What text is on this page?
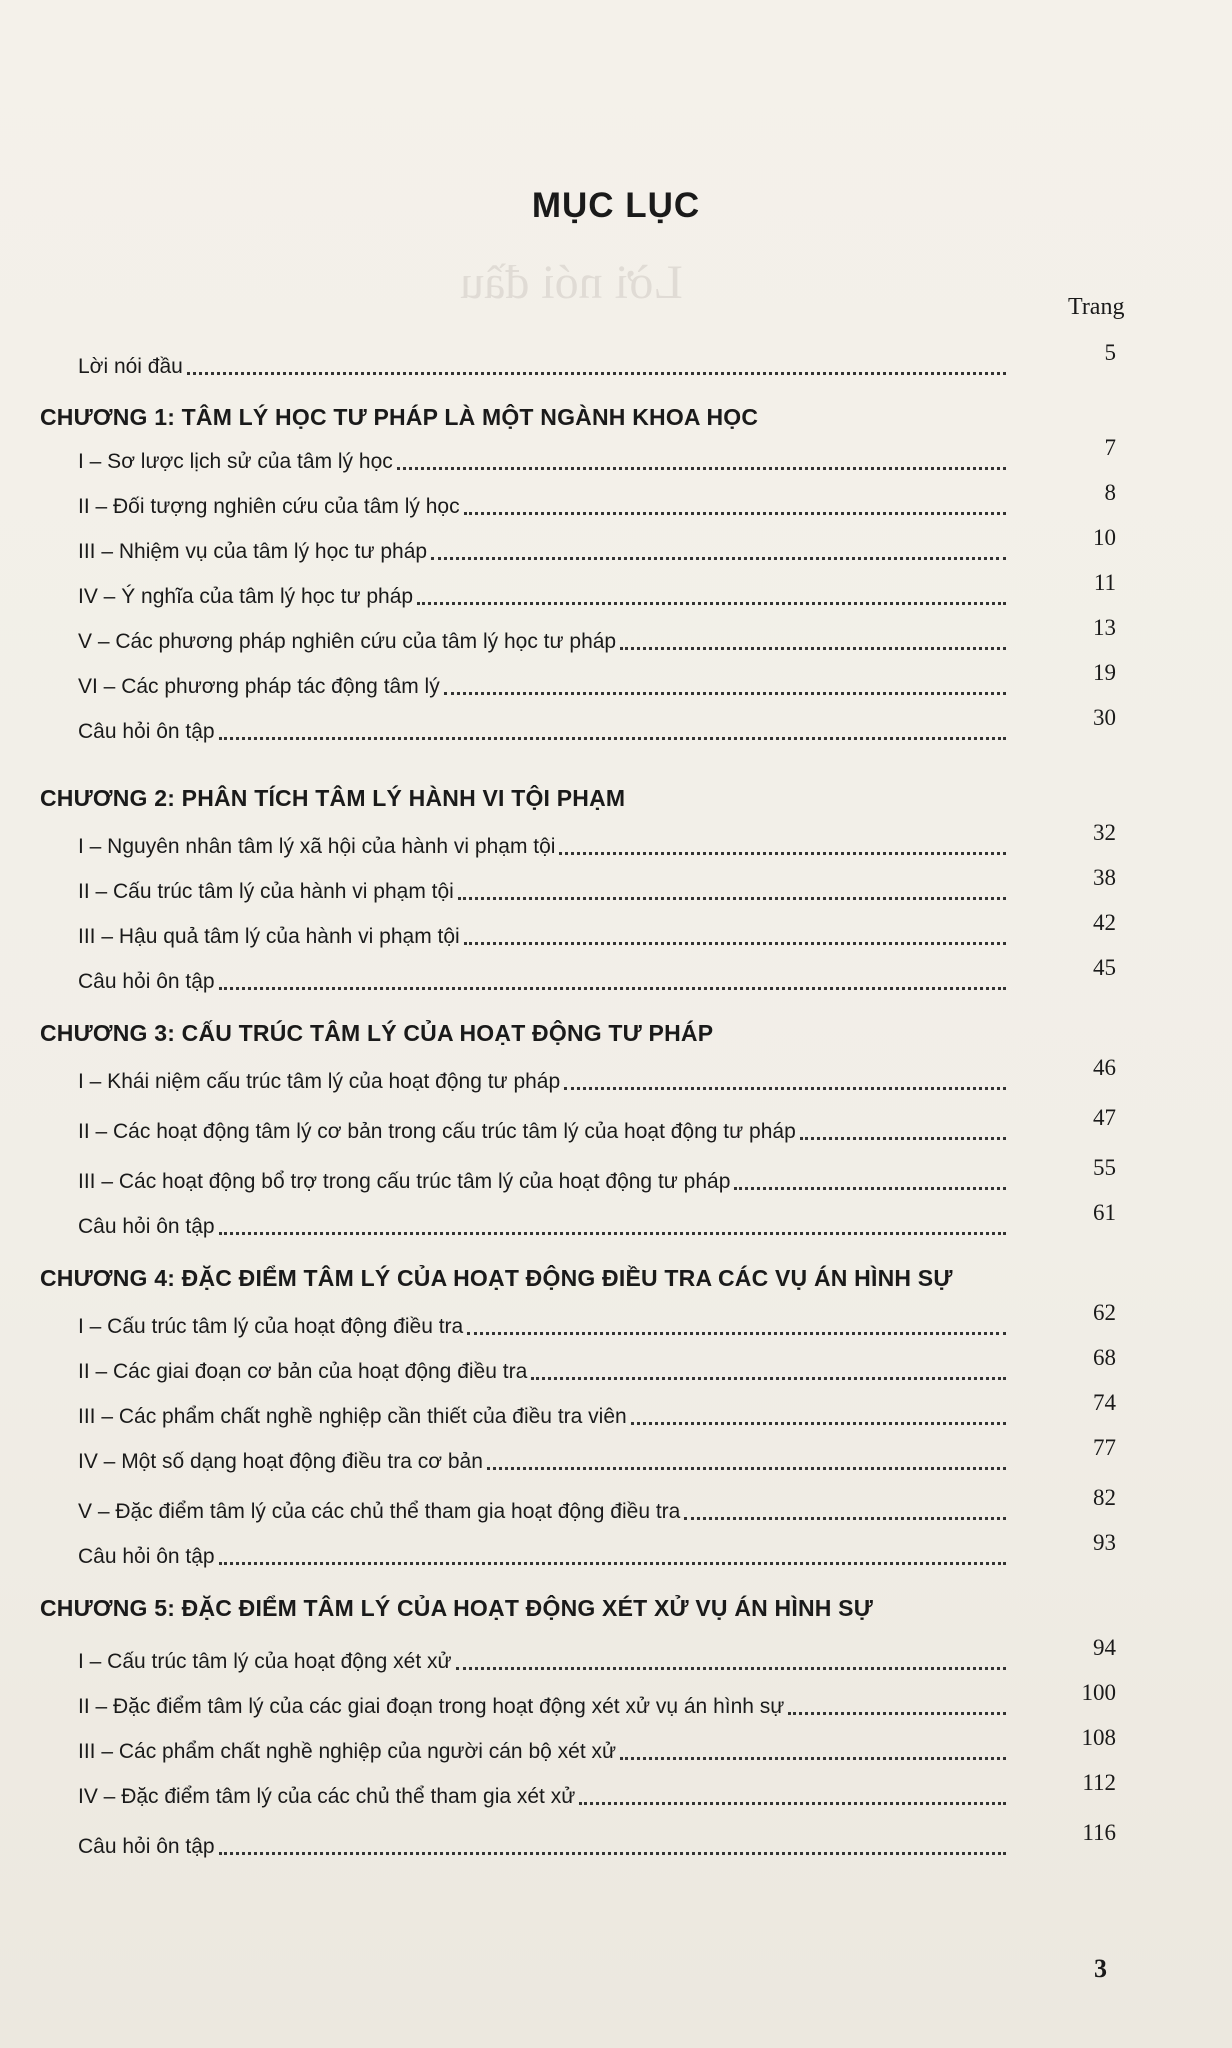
Lời nói đầu
MỤC LỤC
Trang
Lời nói đầu
5
CHƯƠNG 1: TÂM LÝ HỌC TƯ PHÁP LÀ MỘT NGÀNH KHOA HỌC
I – Sơ lược lịch sử của tâm lý học
7
II – Đối tượng nghiên cứu của tâm lý học
8
III – Nhiệm vụ của tâm lý học tư pháp
10
IV – Ý nghĩa của tâm lý học tư pháp
11
V – Các phương pháp nghiên cứu của tâm lý học tư pháp
13
VI – Các phương pháp tác động tâm lý
19
Câu hỏi ôn tập
30
CHƯƠNG 2: PHÂN TÍCH TÂM LÝ HÀNH VI TỘI PHẠM
I – Nguyên nhân tâm lý xã hội của hành vi phạm tội
32
II – Cấu trúc tâm lý của hành vi phạm tội
38
III – Hậu quả tâm lý của hành vi phạm tội
42
Câu hỏi ôn tập
45
CHƯƠNG 3: CẤU TRÚC TÂM LÝ CỦA HOẠT ĐỘNG TƯ PHÁP
I – Khái niệm cấu trúc tâm lý của hoạt động tư pháp
46
II – Các hoạt động tâm lý cơ bản trong cấu trúc tâm lý của hoạt động tư pháp
47
III – Các hoạt động bổ trợ trong cấu trúc tâm lý của hoạt động tư pháp
55
Câu hỏi ôn tập
61
CHƯƠNG 4: ĐẶC ĐIỂM TÂM LÝ CỦA HOẠT ĐỘNG ĐIỀU TRA CÁC VỤ ÁN HÌNH SỰ
I – Cấu trúc tâm lý của hoạt động điều tra
62
II – Các giai đoạn cơ bản của hoạt động điều tra
68
III – Các phẩm chất nghề nghiệp cần thiết của điều tra viên
74
IV – Một số dạng hoạt động điều tra cơ bản
77
V – Đặc điểm tâm lý của các chủ thể tham gia hoạt động điều tra
82
Câu hỏi ôn tập
93
CHƯƠNG 5: ĐẶC ĐIỂM TÂM LÝ CỦA HOẠT ĐỘNG XÉT XỬ VỤ ÁN HÌNH SỰ
I – Cấu trúc tâm lý của hoạt động xét xử
94
II – Đặc điểm tâm lý của các giai đoạn trong hoạt động xét xử vụ án hình sự
100
III – Các phẩm chất nghề nghiệp của người cán bộ xét xử
108
IV – Đặc điểm tâm lý của các chủ thể tham gia xét xử
112
Câu hỏi ôn tập
116
3
